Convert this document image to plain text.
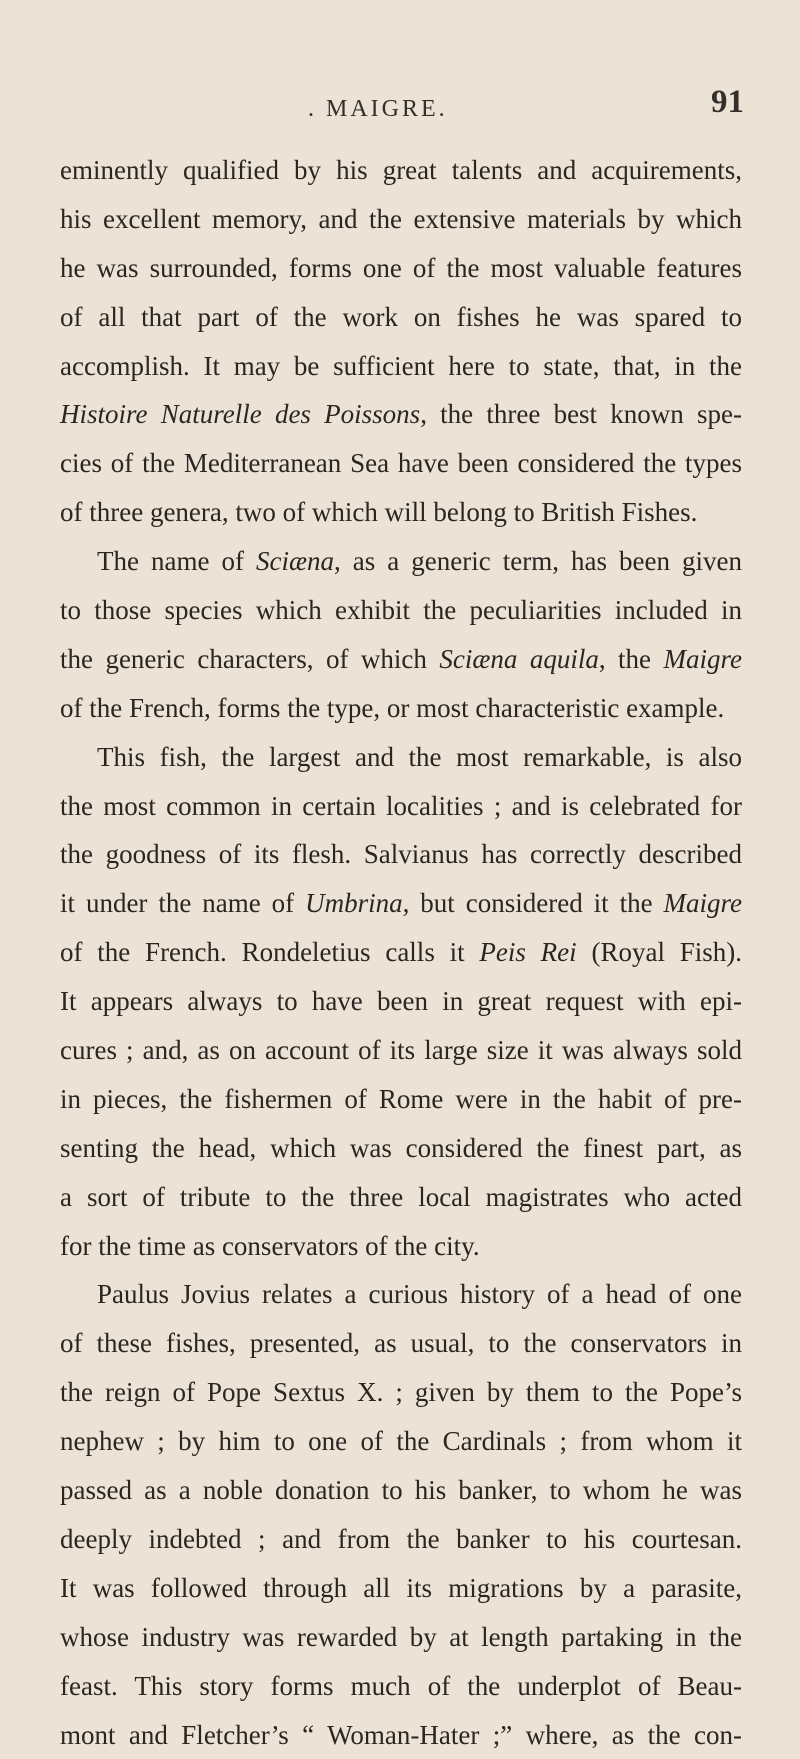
. MAIGRE.	91
eminently qualified by his great talents and acquirements,
his excellent memory, and the extensive materials by which
he was surrounded, forms one of the most valuable features
of all that part of the work on fishes he was spared to
accomplish. It may be sufficient here to state, that, in the
Histoire Naturelle des Poissons, the three best known spe-
cies of the Mediterranean Sea have been considered the types
of three genera, two of which will belong to British Fishes.
The name of Sciæna, as a generic term, has been given
to those species which exhibit the peculiarities included in
the generic characters, of which Sciæna aquila, the Maigre
of the French, forms the type, or most characteristic example.
This fish, the largest and the most remarkable, is also
the most common in certain localities ; and is celebrated for
the goodness of its flesh. Salvianus has correctly described
it under the name of Umbrina, but considered it the Maigre
of the French. Rondeletius calls it Peis Rei (Royal Fish).
It appears always to have been in great request with epi-
cures ; and, as on account of its large size it was always sold
in pieces, the fishermen of Rome were in the habit of pre-
senting the head, which was considered the finest part, as
a sort of tribute to the three local magistrates who acted
for the time as conservators of the city.
Paulus Jovius relates a curious history of a head of one
of these fishes, presented, as usual, to the conservators in
the reign of Pope Sextus X. ; given by them to the Pope’s
nephew ; by him to one of the Cardinals ; from whom it
passed as a noble donation to his banker, to whom he was
deeply indebted ; and from the banker to his courtesan.
It was followed through all its migrations by a parasite,
whose industry was rewarded by at length partaking in the
feast. This story forms much of the underplot of Beau-
mont and Fletcher’s “ Woman-Hater ;” where, as the con-
